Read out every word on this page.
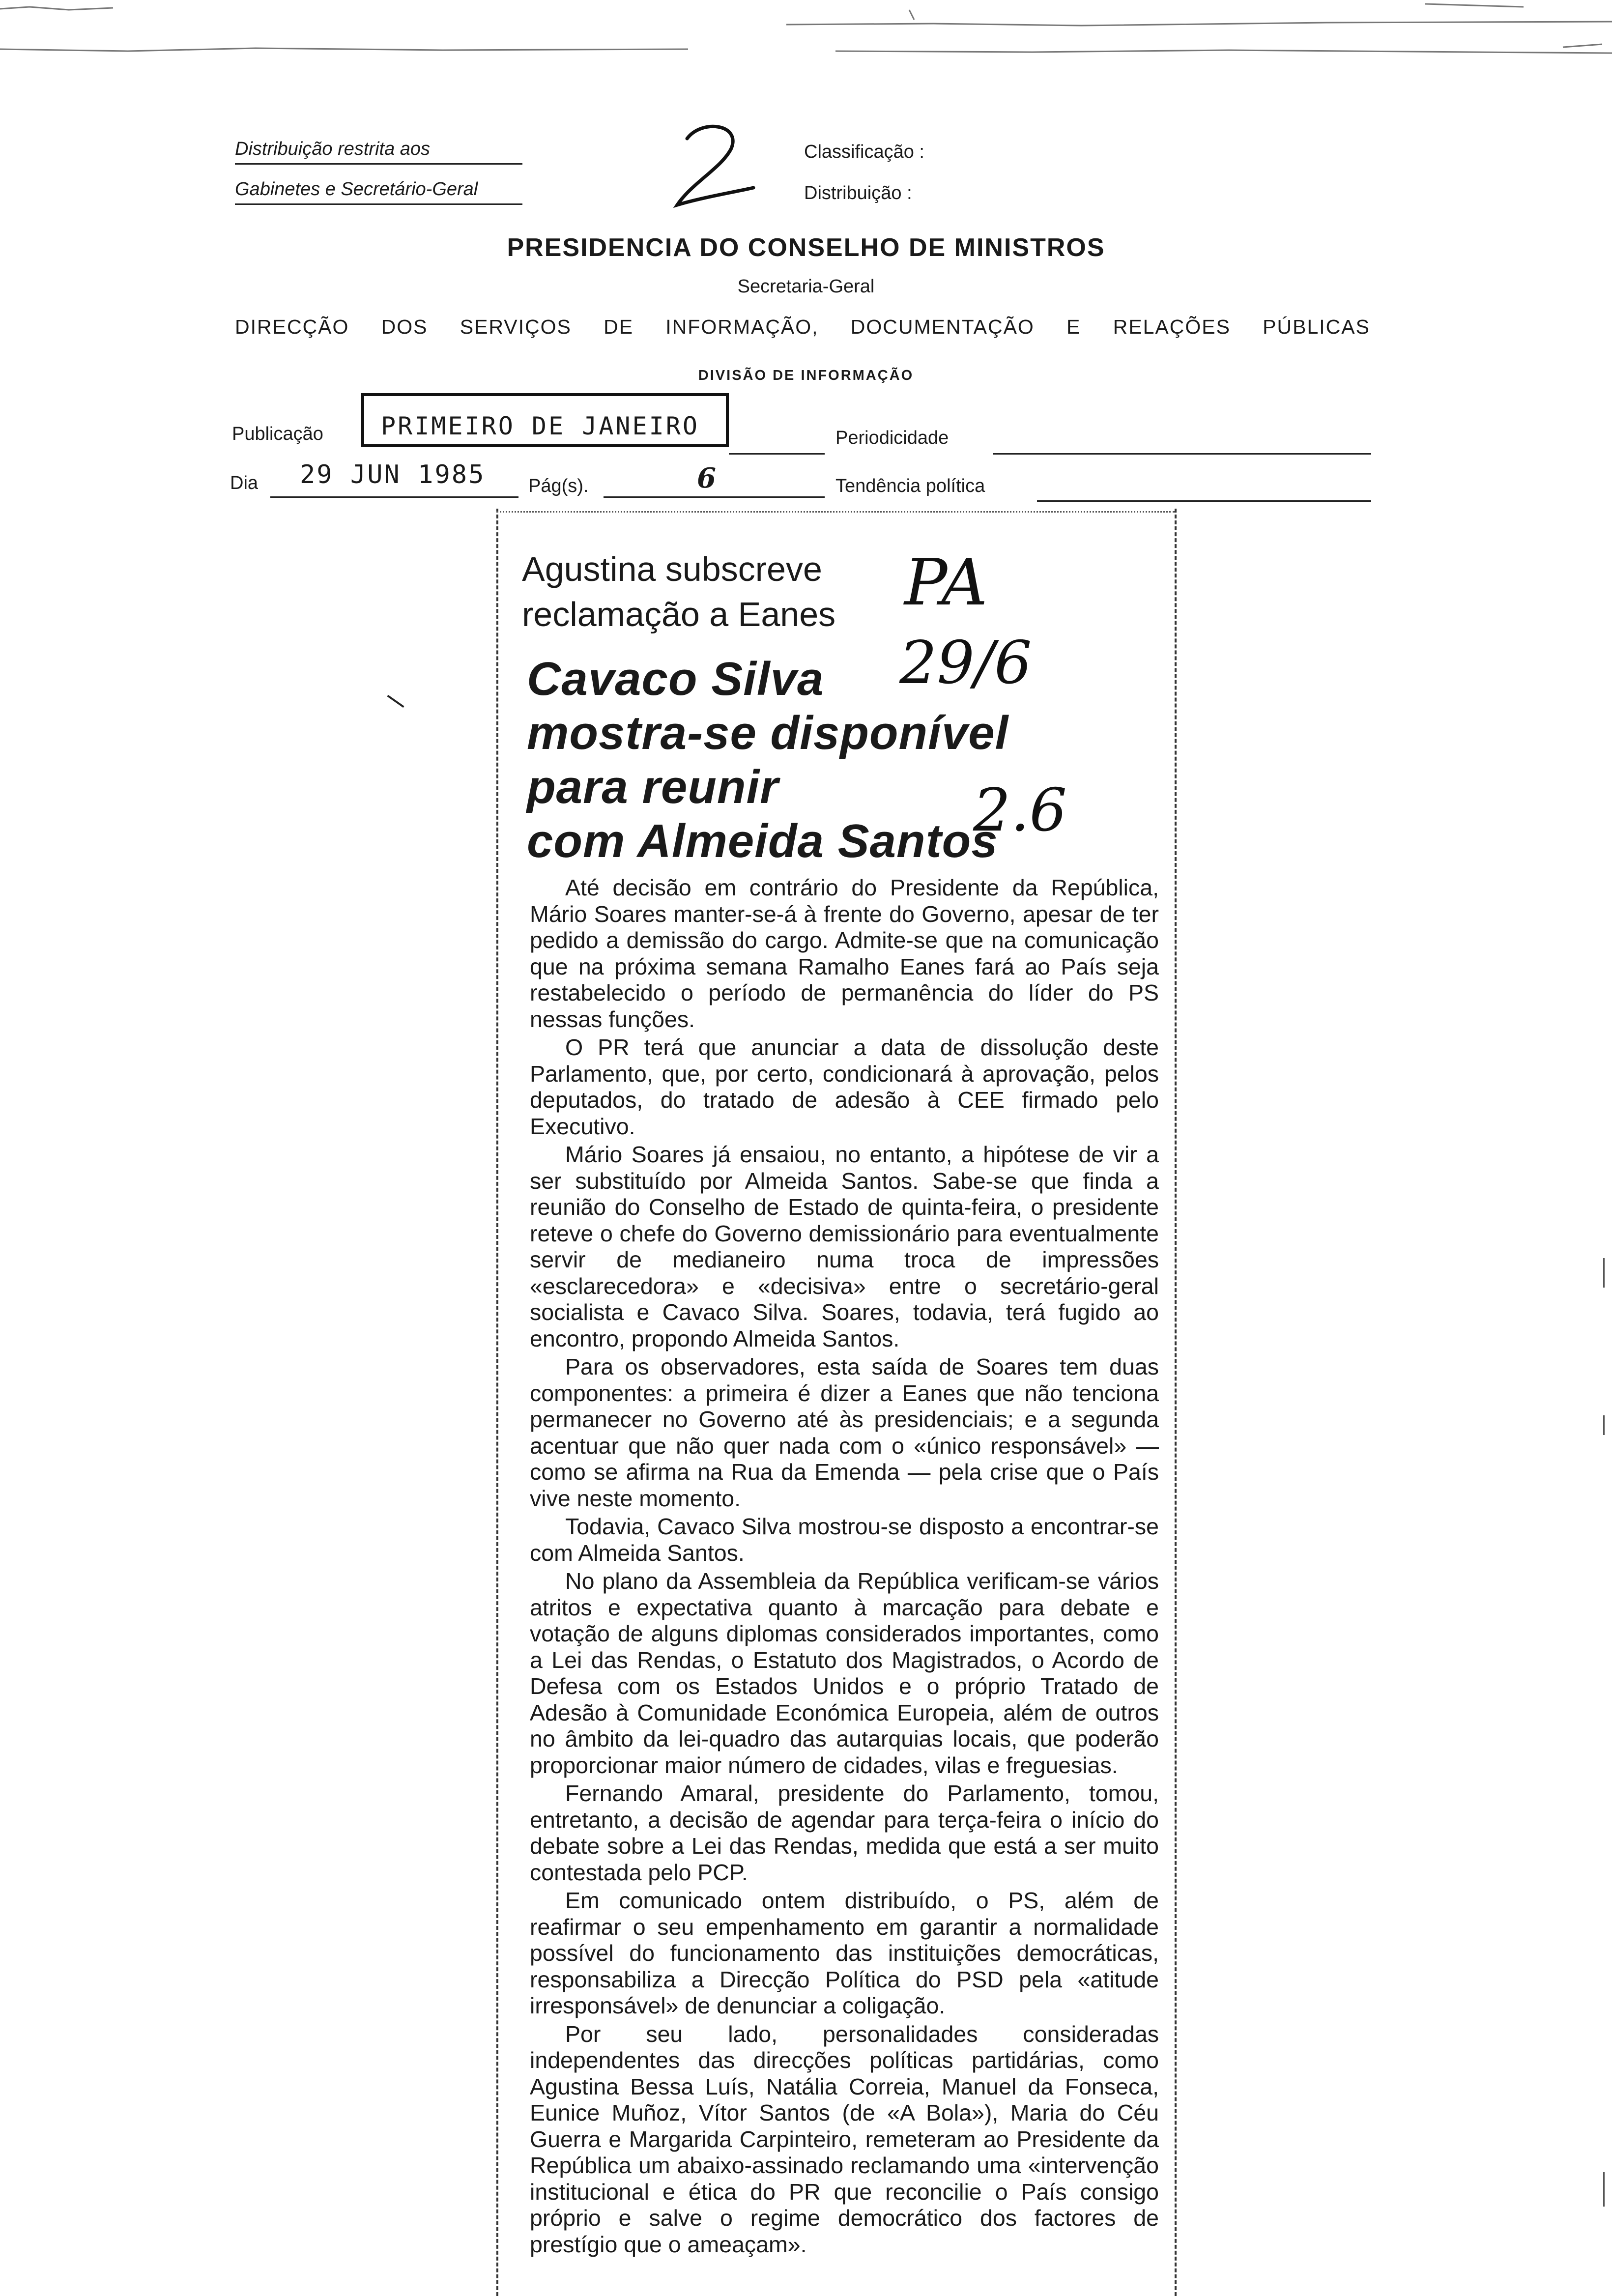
Distribuição restrita aos
Gabinetes e Secretário-Geral
Classificação :
Distribuição :
PRESIDENCIA DO CONSELHO DE MINISTROS
Secretaria-Geral
DIRECÇÃO DOS SERVIÇOS DE INFORMAÇÃO, DOCUMENTAÇÃO E RELAÇÕES PÚBLICAS
DIVISÃO DE INFORMAÇÃO
Publicação PRIMEIRO DE JANEIRO	Periodicidade
Dia 29 JUN 1985 Pág(s).	6	Tendência política
Agustina subscreve
reclamação a Eanes
Cavaco Silva
mostra-se disponível
para reunir
com Almeida Santos
PA
29/6
2.6

Até decisão em contrário do Presidente da República, Mário Soares manter-se-á à frente do Governo, apesar de ter pedido a demissão do cargo. Admite-se que na comunicação que na próxima semana Ramalho Eanes fará ao País seja restabelecido o período de permanência do líder do PS nessas funções.

O PR terá que anunciar a data de dissolução deste Parlamento, que, por certo, condicionará à aprovação, pelos deputados, do tratado de adesão à CEE firmado pelo Executivo.

Mário Soares já ensaiou, no entanto, a hipótese de vir a ser substituído por Almeida Santos. Sabe-se que finda a reunião do Conselho de Estado de quinta-feira, o presidente reteve o chefe do Governo demissionário para eventualmente servir de medianeiro numa troca de impressões «esclarecedora» e «decisiva» entre o secretário-geral socialista e Cavaco Silva. Soares, todavia, terá fugido ao encontro, propondo Almeida Santos.

Para os observadores, esta saída de Soares tem duas componentes: a primeira é dizer a Eanes que não tenciona permanecer no Governo até às presidenciais; e a segunda acentuar que não quer nada com o «único responsável» — como se afirma na Rua da Emenda — pela crise que o País vive neste momento.

Todavia, Cavaco Silva mostrou-se disposto a encontrar-se com Almeida Santos.

No plano da Assembleia da República verificam-se vários atritos e expectativa quanto à marcação para debate e votação de alguns diplomas considerados importantes, como a Lei das Rendas, o Estatuto dos Magistrados, o Acordo de Defesa com os Estados Unidos e o próprio Tratado de Adesão à Comunidade Económica Europeia, além de outros no âmbito da lei-quadro das autarquias locais, que poderão proporcionar maior número de cidades, vilas e freguesias.

Fernando Amaral, presidente do Parlamento, tomou, entretanto, a decisão de agendar para terça-feira o início do debate sobre a Lei das Rendas, medida que está a ser muito contestada pelo PCP.

Em comunicado ontem distribuído, o PS, além de reafirmar o seu empenhamento em garantir a normalidade possível do funcionamento das instituições democráticas, responsabiliza a Direcção Política do PSD pela «atitude irresponsável» de denunciar a coligação.

Por seu lado, personalidades consideradas independentes das direcções políticas partidárias, como Agustina Bessa Luís, Natália Correia, Manuel da Fonseca, Eunice Muñoz, Vítor Santos (de «A Bola»), Maria do Céu Guerra e Margarida Carpinteiro, remeteram ao Presidente da República um abaixo-assinado reclamando uma «intervenção institucional e ética do PR que reconcilie o País consigo próprio e salve o regime democrático dos factores de prestígio que o ameaçam».
